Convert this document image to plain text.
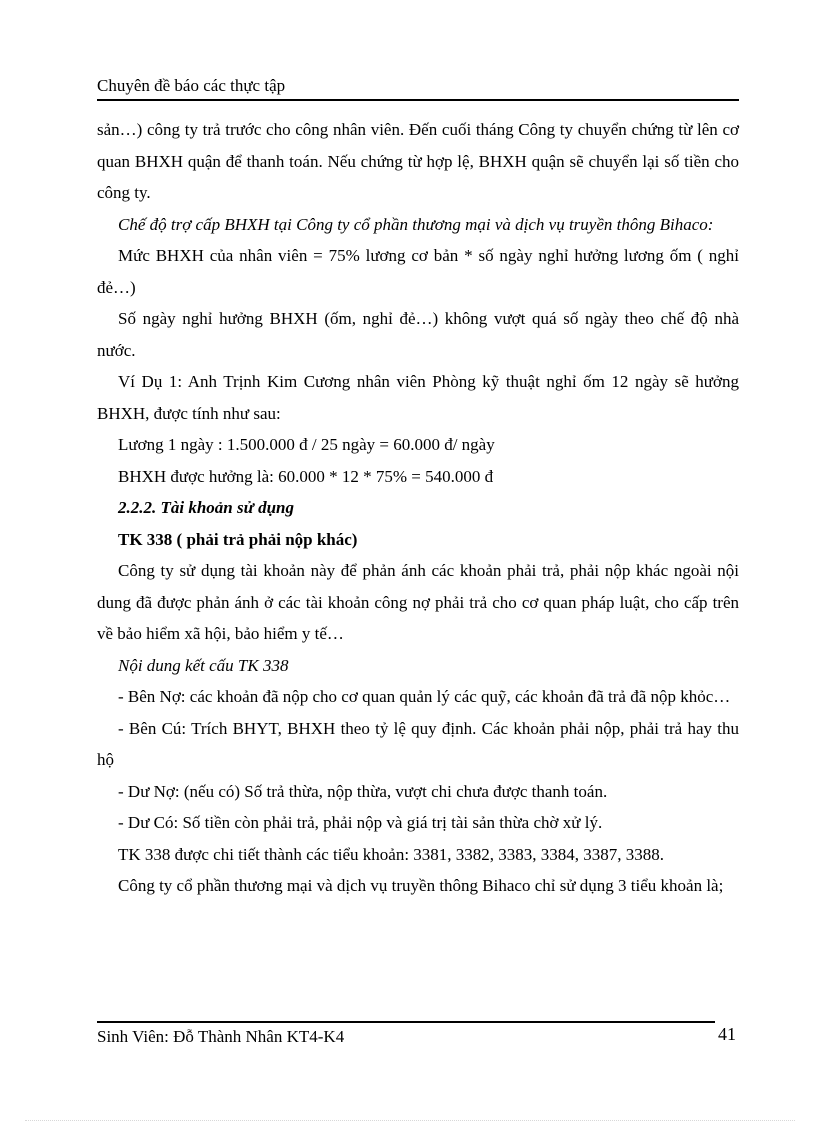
Chuyên đề báo các thực tập

sản…) công ty trả trước cho công nhân viên. Đến cuối tháng Công ty chuyển chứng từ lên cơ quan BHXH quận để thanh toán. Nếu chứng từ hợp lệ, BHXH quận sẽ chuyển lại số tiền cho công ty.

Chế độ trợ cấp BHXH tại Công ty cổ phần thương mại và dịch vụ truyền thông Bihaco:

Mức BHXH của nhân viên = 75% lương cơ bản * số ngày nghỉ hưởng lương ốm ( nghỉ đẻ…)

Số ngày nghỉ hưởng BHXH (ốm, nghỉ đẻ…) không vượt quá số ngày theo chế độ nhà nước.

Ví Dụ 1: Anh Trịnh Kim Cương nhân viên Phòng kỹ thuật nghỉ ốm 12 ngày sẽ hưởng BHXH, được tính như sau:

Lương 1 ngày : 1.500.000 đ / 25 ngày = 60.000 đ/ ngày

BHXH được hưởng là: 60.000 * 12 * 75% = 540.000 đ

2.2.2. Tài khoản sử dụng

TK 338 ( phải trả phải nộp khác)

Công ty sử dụng tài khoản này để phản ánh các khoản phải trả, phải nộp khác ngoài nội dung đã được phản ánh ở các tài khoản công nợ phải trả cho cơ quan pháp luật, cho cấp trên về bảo hiểm xã hội, bảo hiểm y tế…

Nội dung kết cấu TK 338

- Bên Nợ: các khoản đã nộp cho cơ quan quản lý các quỹ, các khoản đã trả đã nộp khỏc…

- Bên Cú: Trích BHYT, BHXH theo tỷ lệ quy định. Các khoản phải nộp, phải trả hay thu hộ

- Dư Nợ: (nếu có) Số trả thừa, nộp thừa, vượt chi chưa được thanh toán.

- Dư Có: Số tiền còn phải trả, phải nộp và giá trị tài sản thừa chờ xử lý.

TK 338 được chi tiết thành các tiểu khoản: 3381, 3382, 3383, 3384, 3387, 3388.

Công ty cổ phần thương mại và dịch vụ truyền thông Bihaco chỉ sử dụng 3 tiểu khoản là;

Sinh Viên: Đỗ Thành Nhân KT4-K4	41
